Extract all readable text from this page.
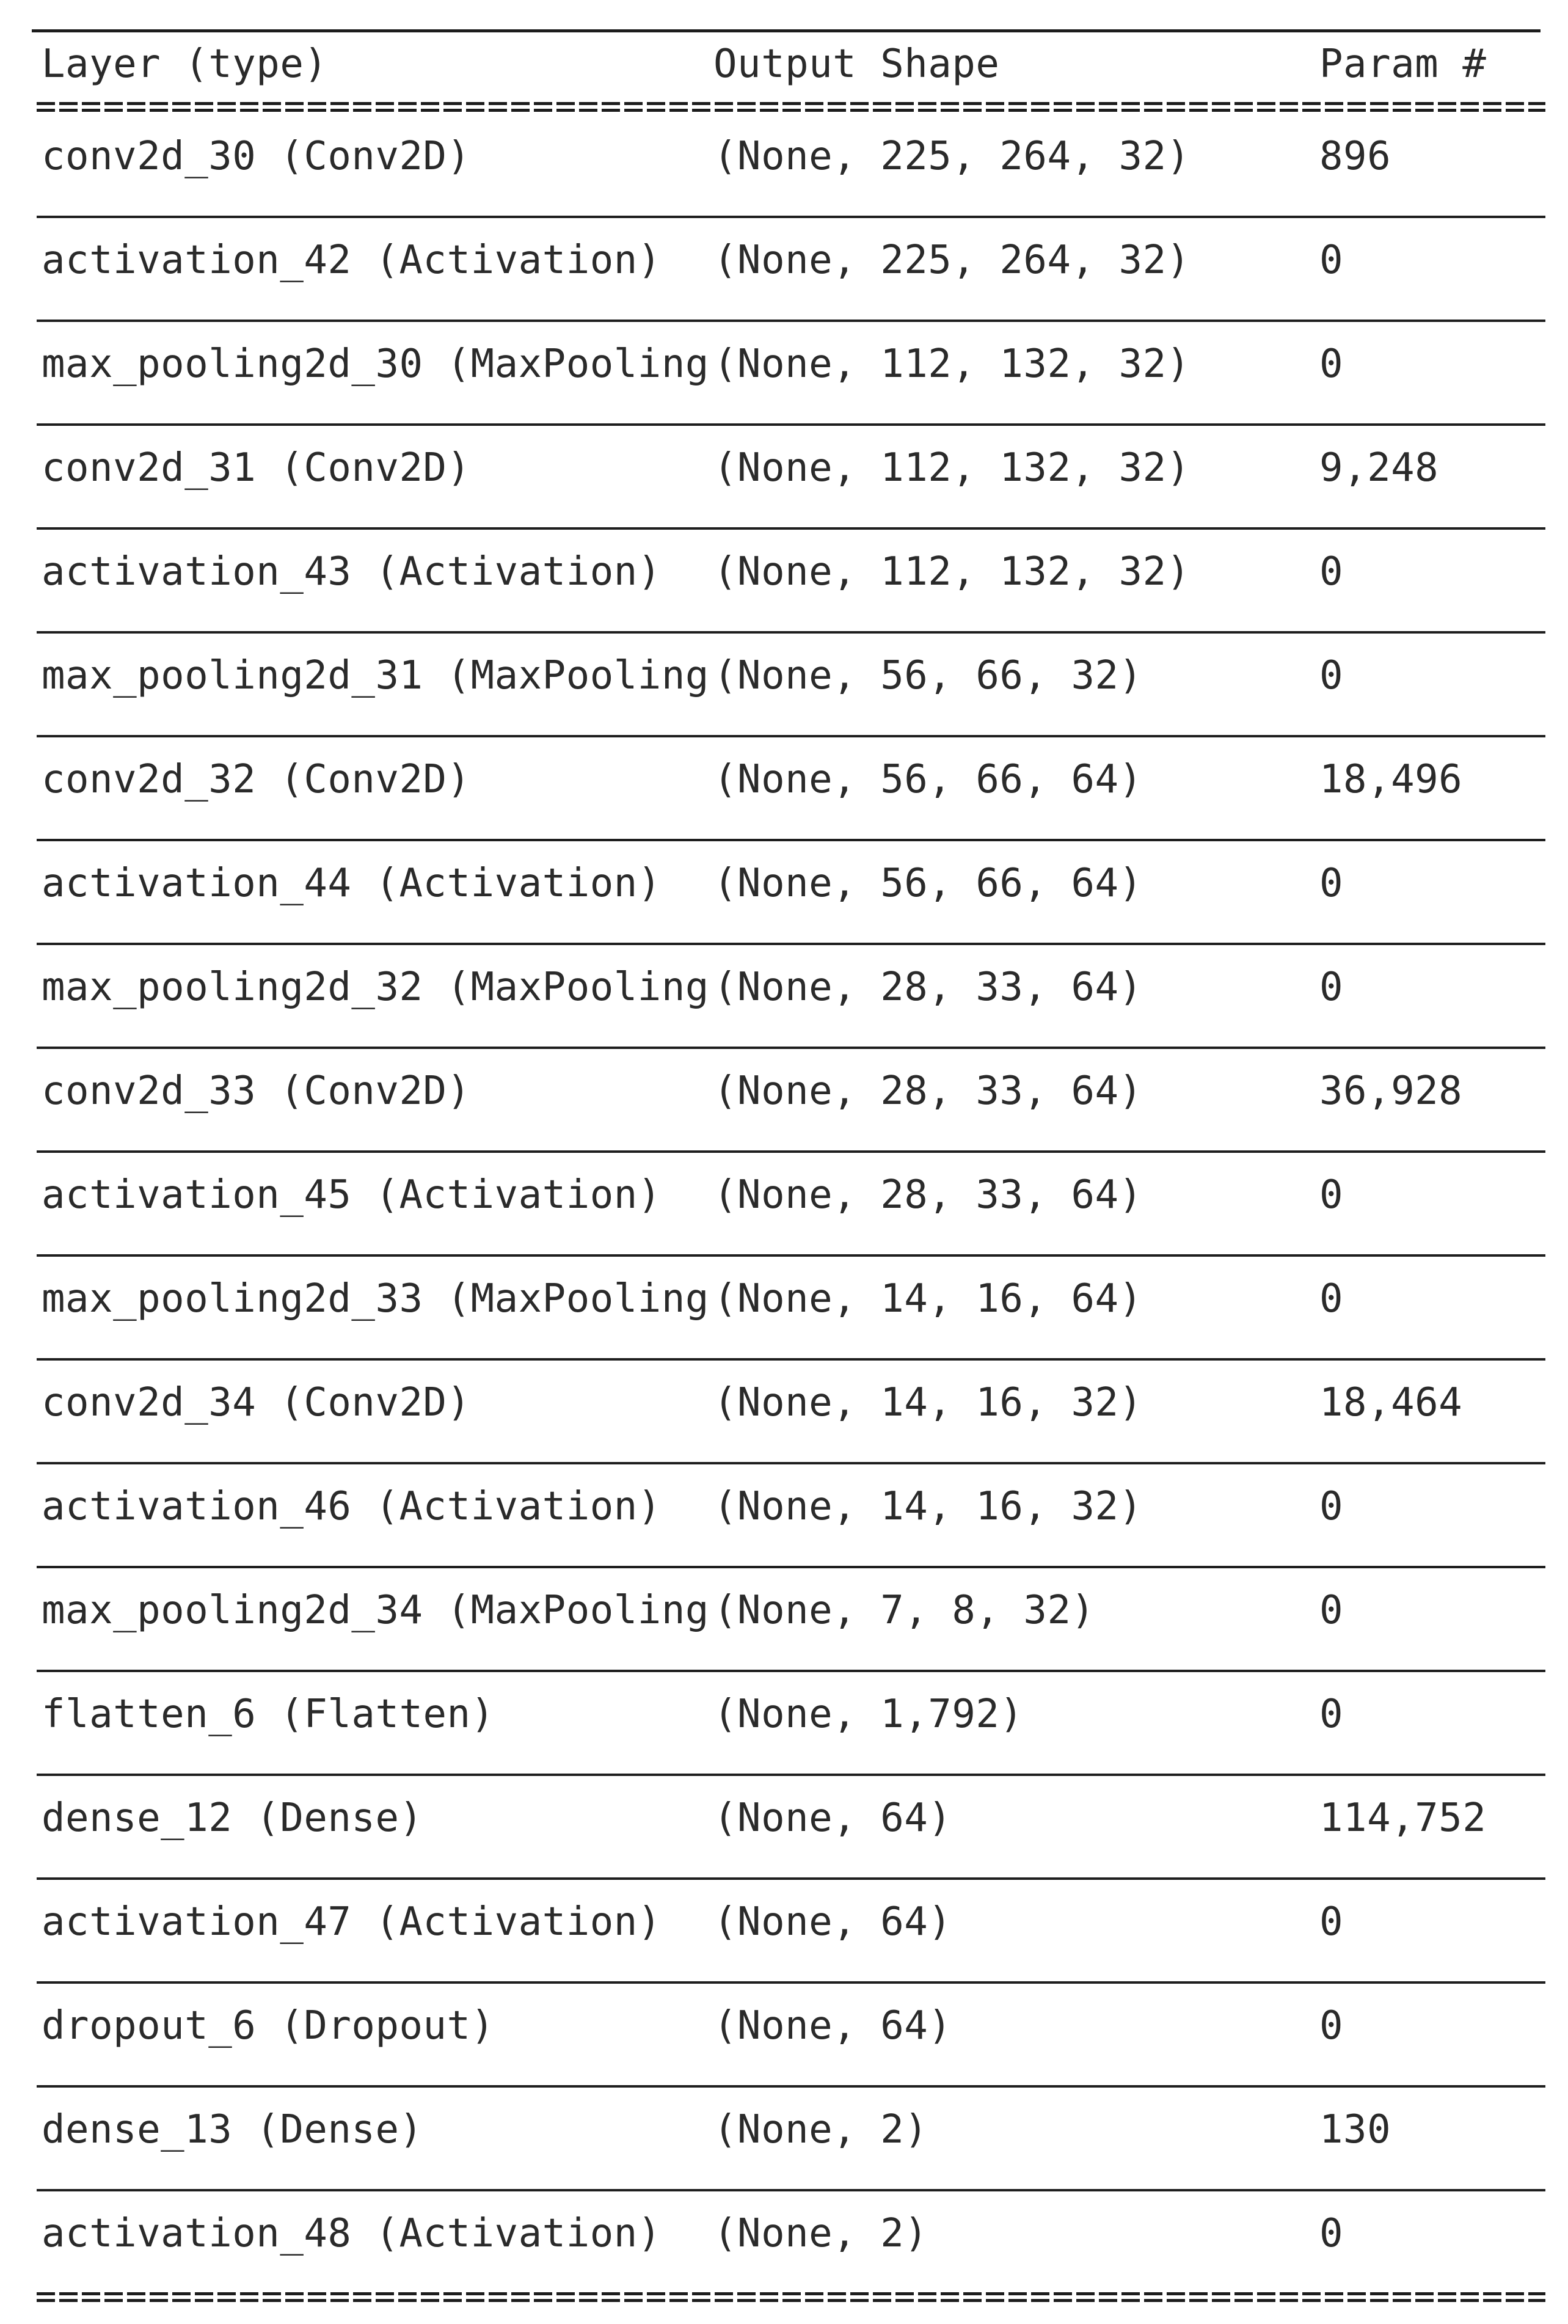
Layer (type)	Output Shape	Param #
conv2d_30 (Conv2D)	(None, 225, 264, 32)	896
activation_42 (Activation) (None, 225, 264, 32)	0
max_pooling2d_30 (MaxPooling (None, 112, 132, 32)	0
conv2d_31 (Conv2D)	(None, 112, 132, 32)	9,248
activation_43 (Activation) (None, 112, 132, 32)	0
max_pooling2d_31 (MaxPooling (None, 56, 66, 32)	0
conv2d_32 (Conv2D)	(None, 56, 66, 64)	18,496
activation_44 (Activation) (None, 56, 66, 64)	0
max_pooling2d_32 (MaxPooling (None, 28, 33, 64)	0
conv2d_33 (Conv2D)	(None, 28, 33, 64)	36,928
activation_45 (Activation) (None, 28, 33, 64)	0
max_pooling2d_33 (MaxPooling (None, 14, 16, 64)	0
conv2d_34 (Conv2D)	(None, 14, 16, 32)	18,464
activation_46 (Activation) (None, 14, 16, 32)	0
max_pooling2d_34 (MaxPooling (None, 7, 8, 32)	0
flatten_6 (Flatten)	(None, 1,792)	0
dense_12 (Dense)	(None, 64)	114,752
activation_47 (Activation) (None, 64)	0
dropout_6 (Dropout)	(None, 64)	0
dense_13 (Dense)	(None, 2)	130
activation_48 (Activation) (None, 2)	0
